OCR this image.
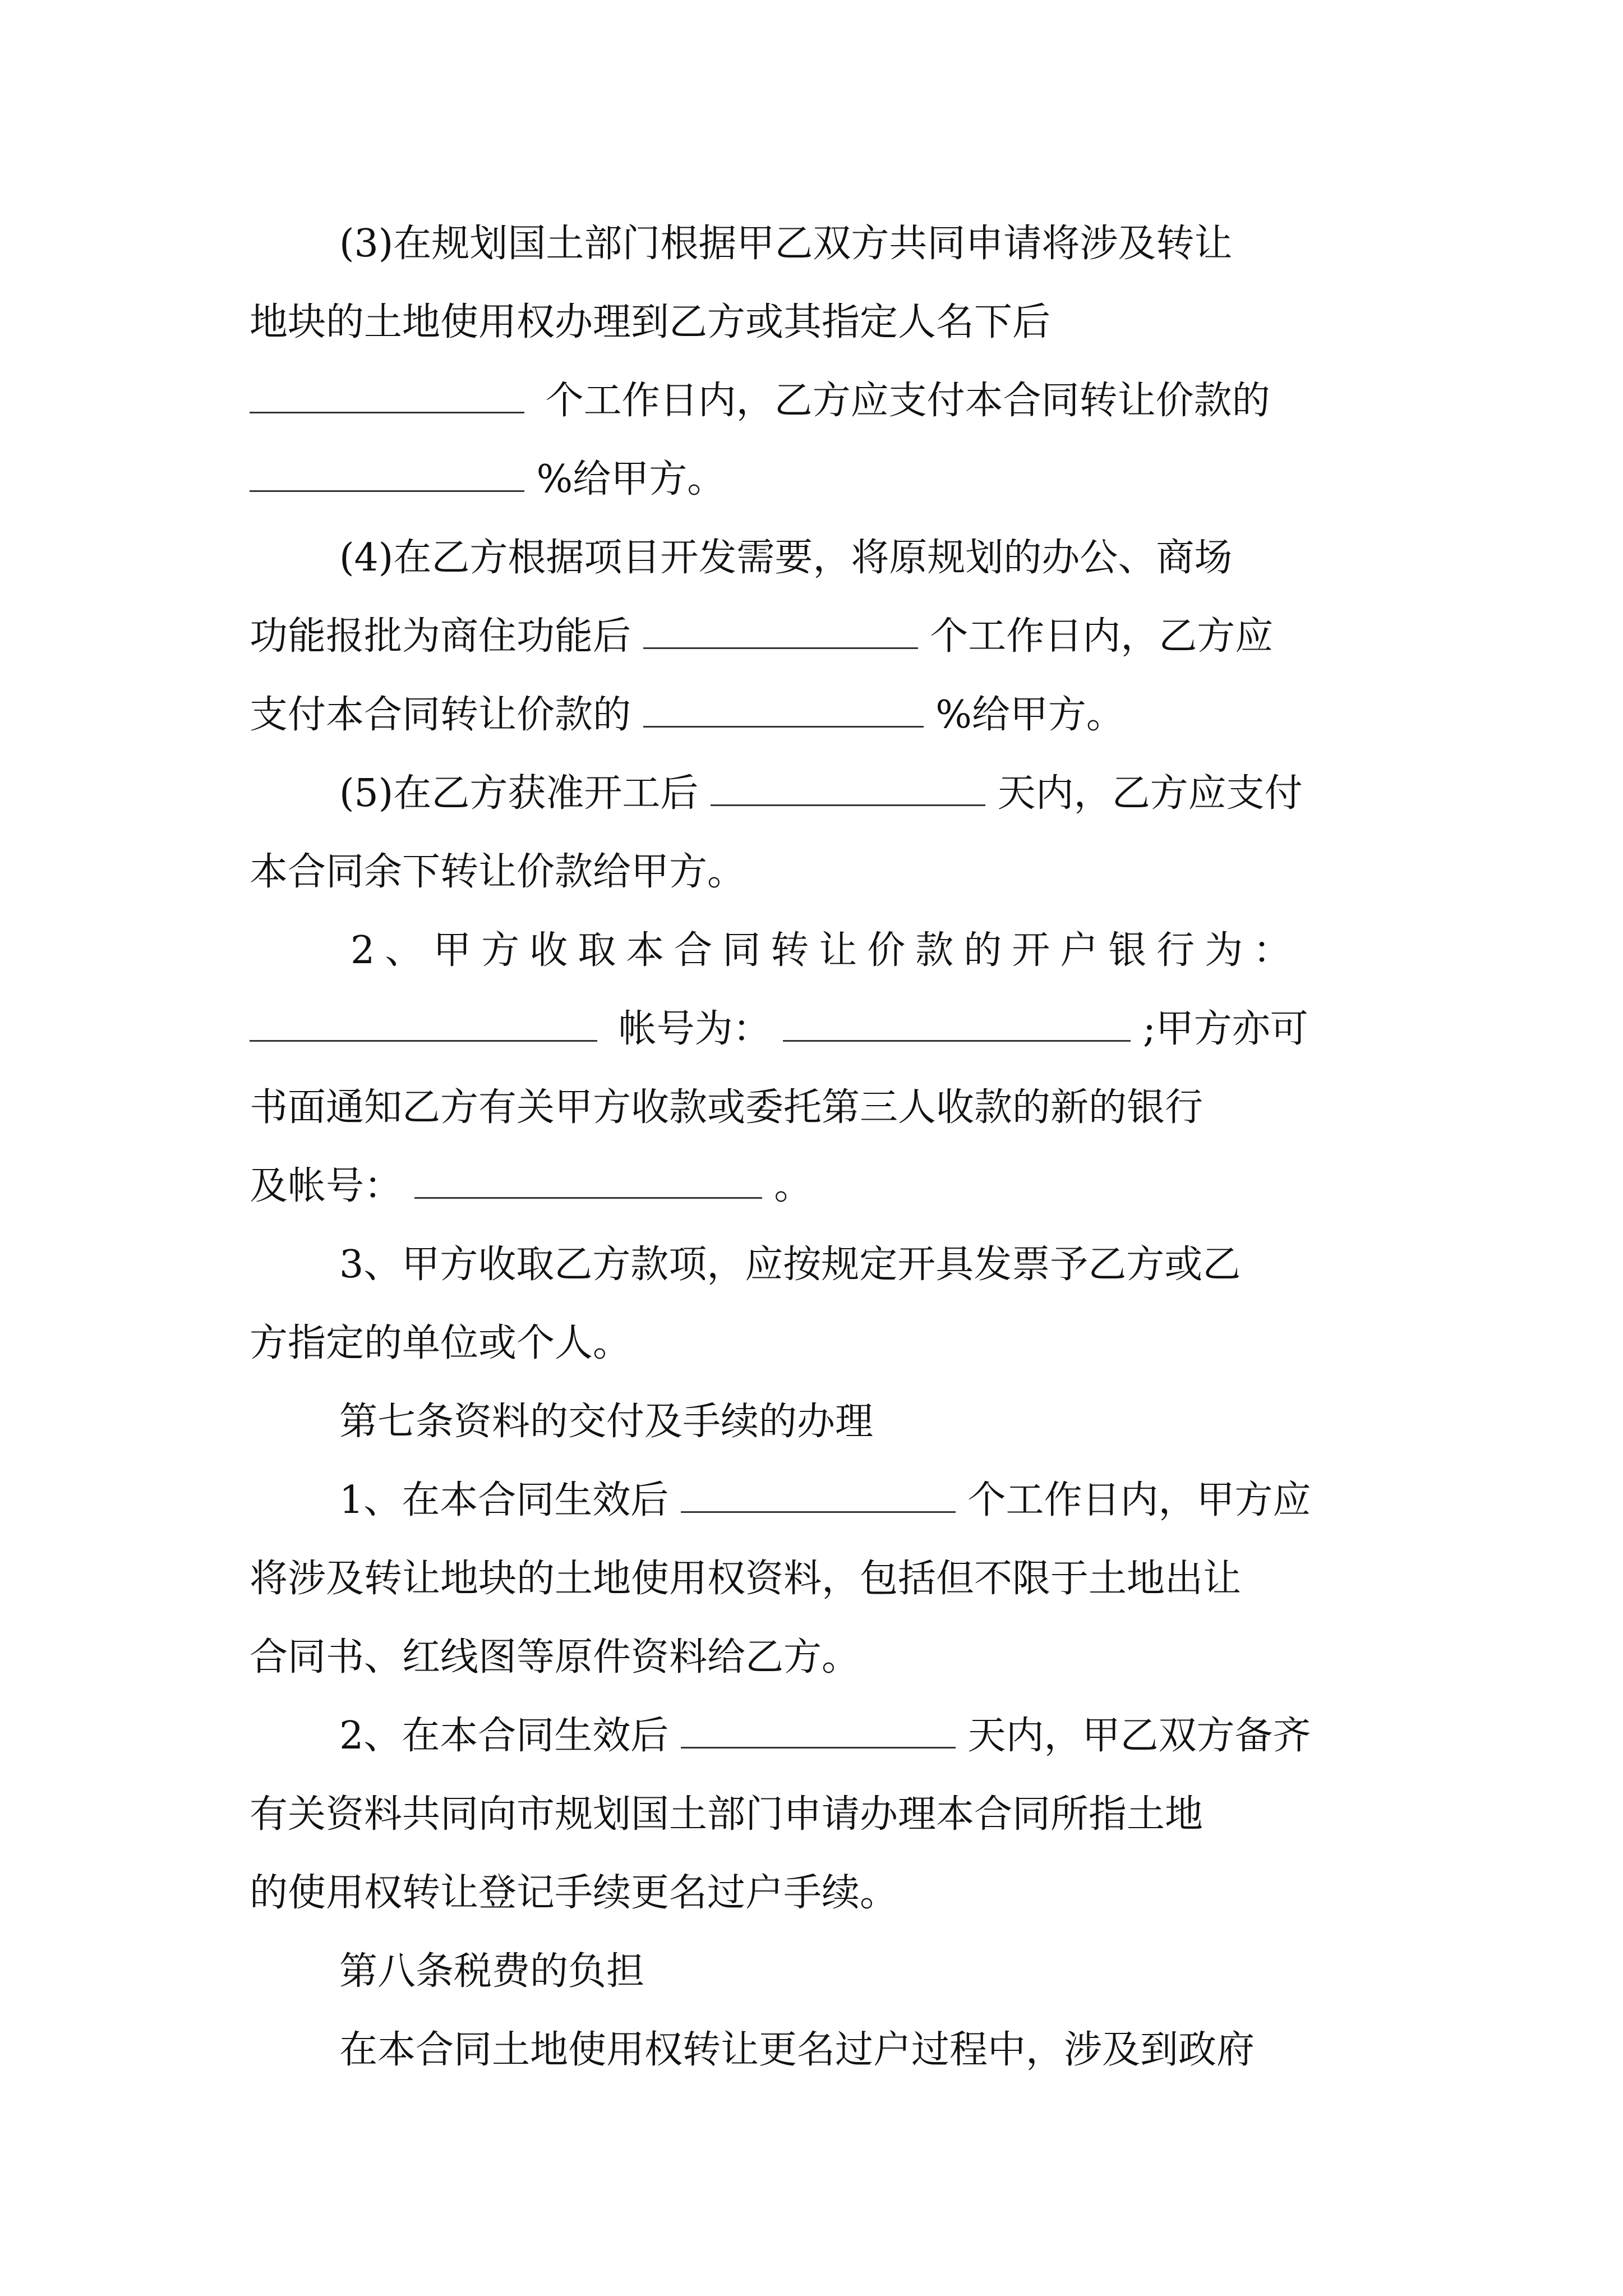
(3)在规划国土部门根据甲乙双方共同申请将涉及转让
地块的土地使用权办理到乙方或其指定人名下后
个工作日内，乙方应支付本合同转让价款的
%给甲方。
(4)在乙方根据项目开发需要，将原规划的办公、商场
功能报批为商住功能后	个工作日内，乙方应
支付本合同转让价款的	%给甲方。
(5)在乙方获准开工后	天内，乙方应支付
本合同余下转让价款给甲方。
2、甲方收取本合同转让价款的开户银行为：
帐号为：	;甲方亦可
书面通知乙方有关甲方收款或委托第三人收款的新的银行
及帐号：	。
3、甲方收取乙方款项，应按规定开具发票予乙方或乙
方指定的单位或个人。
第七条资料的交付及手续的办理
1、在本合同生效后	个工作日内，甲方应
将涉及转让地块的土地使用权资料，包括但不限于土地出让
合同书、红线图等原件资料给乙方。
2、在本合同生效后	天内，甲乙双方备齐
有关资料共同向市规划国土部门申请办理本合同所指土地
的使用权转让登记手续更名过户手续。
第八条税费的负担
在本合同土地使用权转让更名过户过程中，涉及到政府
